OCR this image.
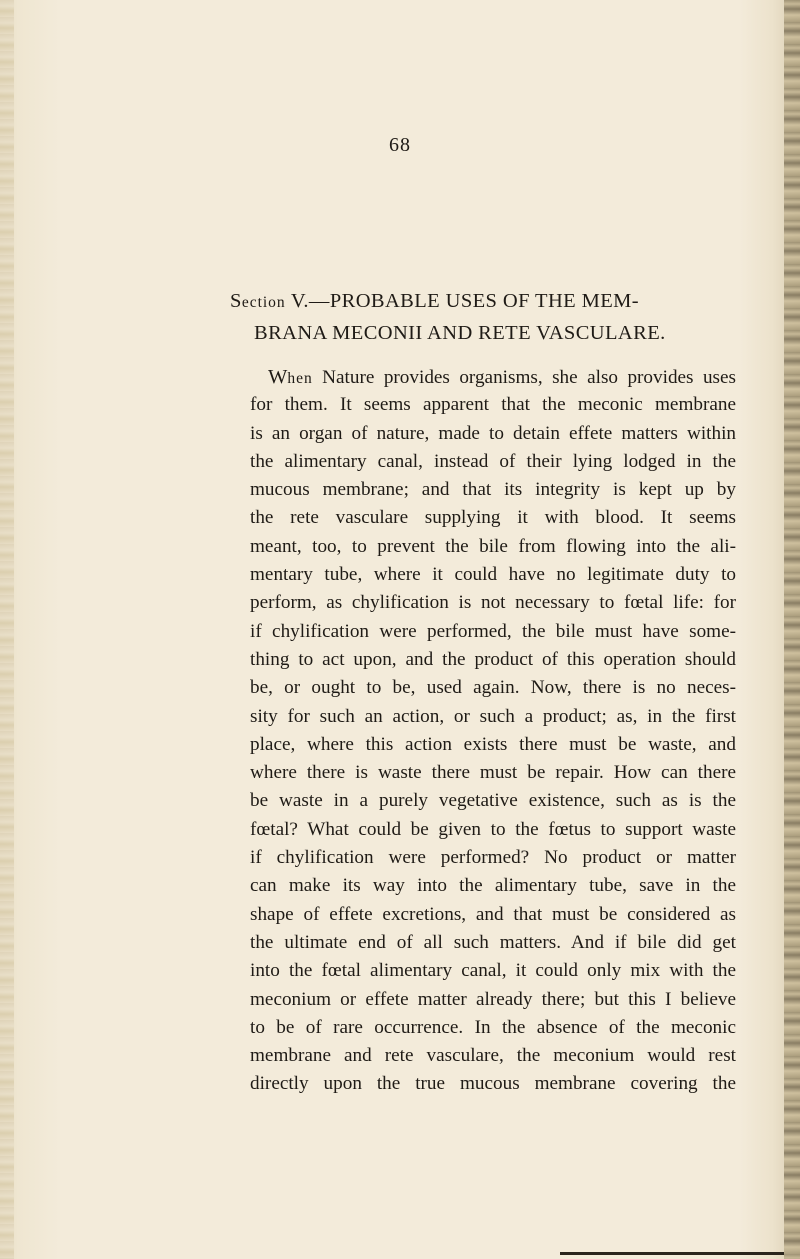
68
Section V.—PROBABLE USES OF THE MEM-
BRANA MECONII AND RETE VASCULARE.
When Nature provides organisms, she also provides uses
for them. It seems apparent that the meconic membrane
is an organ of nature, made to detain effete matters within
the alimentary canal, instead of their lying lodged in the
mucous membrane; and that its integrity is kept up by
the rete vasculare supplying it with blood. It seems
meant, too, to prevent the bile from flowing into the ali-
mentary tube, where it could have no legitimate duty to
perform, as chylification is not necessary to fœtal life: for
if chylification were performed, the bile must have some-
thing to act upon, and the product of this operation should
be, or ought to be, used again. Now, there is no neces-
sity for such an action, or such a product; as, in the first
place, where this action exists there must be waste, and
where there is waste there must be repair. How can there
be waste in a purely vegetative existence, such as is the
fœtal? What could be given to the fœtus to support waste
if chylification were performed? No product or matter
can make its way into the alimentary tube, save in the
shape of effete excretions, and that must be considered as
the ultimate end of all such matters. And if bile did get
into the fœtal alimentary canal, it could only mix with the
meconium or effete matter already there; but this I believe
to be of rare occurrence. In the absence of the meconic
membrane and rete vasculare, the meconium would rest
directly upon the true mucous membrane covering the
